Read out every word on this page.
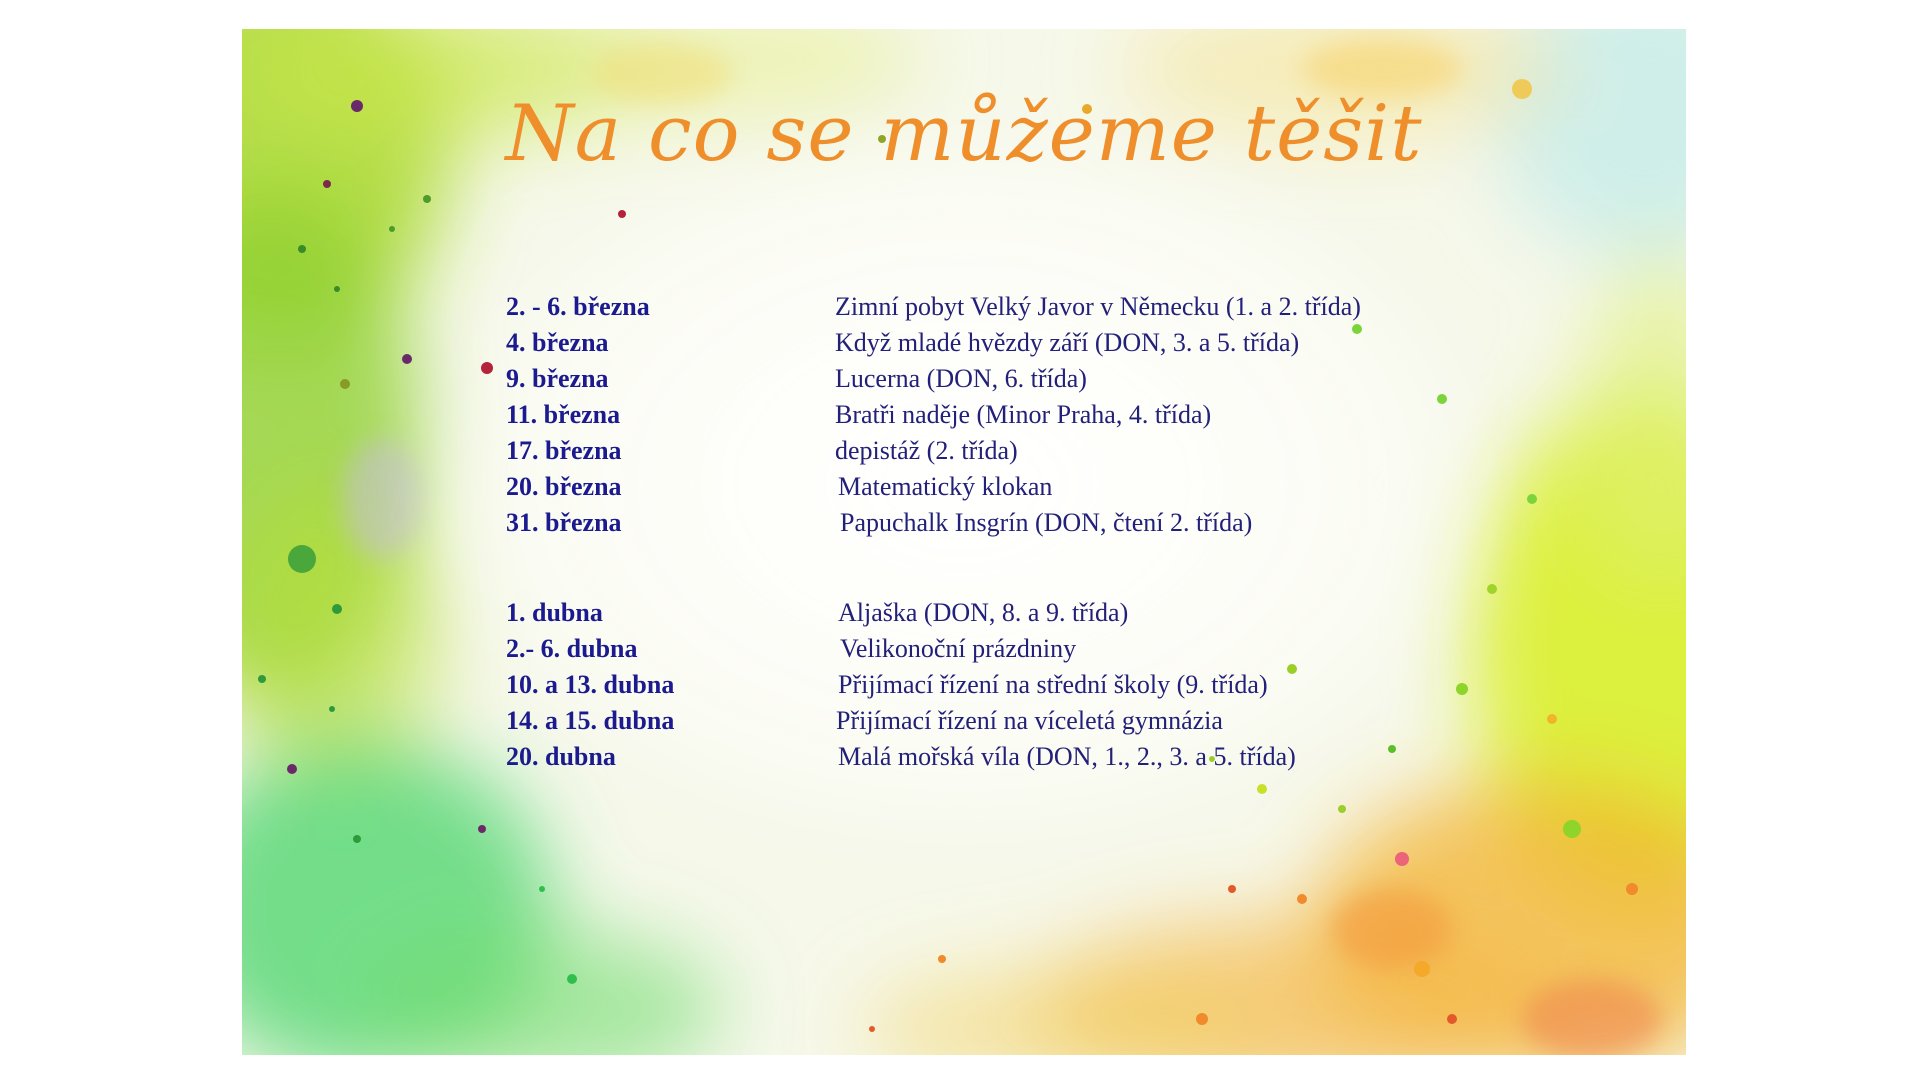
Na co se můžeme těšit
2. - 6. března	Zimní pobyt Velký Javor v Německu (1. a 2. třída)
4. března	Když mladé hvězdy září (DON, 3. a 5. třída)
9. března	Lucerna (DON, 6. třída)
11. března	Bratři naděje (Minor Praha, 4. třída)
17. března	depistáž (2. třída)
20. března	Matematický klokan
31. března	Papuchalk Insgrín (DON, čtení 2. třída)
1. dubna	Aljaška (DON, 8. a 9. třída)
2.- 6. dubna	Velikonoční prázdniny
10. a 13. dubna	Přijímací řízení na střední školy (9. třída)
14. a 15. dubna	Přijímací řízení na víceletá gymnázia
20. dubna	Malá mořská víla (DON, 1., 2., 3. a 5. třída)
